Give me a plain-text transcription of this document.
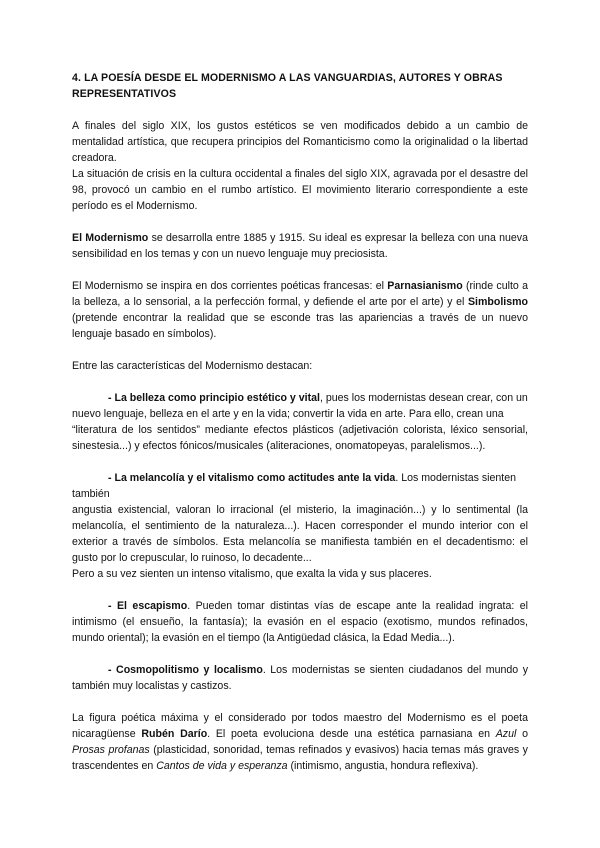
4. LA POESÍA DESDE EL MODERNISMO A LAS VANGUARDIAS, AUTORES Y OBRAS REPRESENTATIVOS

A finales del siglo XIX, los gustos estéticos se ven modificados debido a un cambio de mentalidad artística, que recupera principios del Romanticismo como la originalidad o la libertad creadora.

La situación de crisis en la cultura occidental a finales del siglo XIX, agravada por el desastre del 98, provocó un cambio en el rumbo artístico. El movimiento literario correspondiente a este período es el Modernismo.

El Modernismo se desarrolla entre 1885 y 1915. Su ideal es expresar la belleza con una nueva sensibilidad en los temas y con un nuevo lenguaje muy preciosista.

El Modernismo se inspira en dos corrientes poéticas francesas: el Parnasianismo (rinde culto a la belleza, a lo sensorial, a la perfección formal, y defiende el arte por el arte) y el Simbolismo (pretende encontrar la realidad que se esconde tras las apariencias a través de un nuevo lenguaje basado en símbolos).

Entre las características del Modernismo destacan:

- La belleza como principio estético y vital, pues los modernistas desean crear, con un nuevo lenguaje, belleza en el arte y en la vida; convertir la vida en arte. Para ello, crean una

“literatura de los sentidos” mediante efectos plásticos (adjetivación colorista, léxico sensorial, sinestesia...) y efectos fónicos/musicales (aliteraciones, onomatopeyas, paralelismos...).

- La melancolía y el vitalismo como actitudes ante la vida. Los modernistas sienten también

angustia existencial, valoran lo irracional (el misterio, la imaginación...) y lo sentimental (la melancolía, el sentimiento de la naturaleza...). Hacen corresponder el mundo interior con el exterior a través de símbolos. Esta melancolía se manifiesta también en el decadentismo: el gusto por lo crepuscular, lo ruinoso, lo decadente...

Pero a su vez sienten un intenso vitalismo, que exalta la vida y sus placeres.

- El escapismo. Pueden tomar distintas vías de escape ante la realidad ingrata: el intimismo (el ensueño, la fantasía); la evasión en el espacio (exotismo, mundos refinados, mundo oriental); la evasión en el tiempo (la Antigüedad clásica, la Edad Media...).

- Cosmopolitismo y localismo. Los modernistas se sienten ciudadanos del mundo y también muy localistas y castizos.

La figura poética máxima y el considerado por todos maestro del Modernismo es el poeta nicaragüense Rubén Darío. El poeta evoluciona desde una estética parnasiana en Azul o Prosas profanas (plasticidad, sonoridad, temas refinados y evasivos) hacia temas más graves y trascendentes en Cantos de vida y esperanza (intimismo, angustia, hondura reflexiva).
